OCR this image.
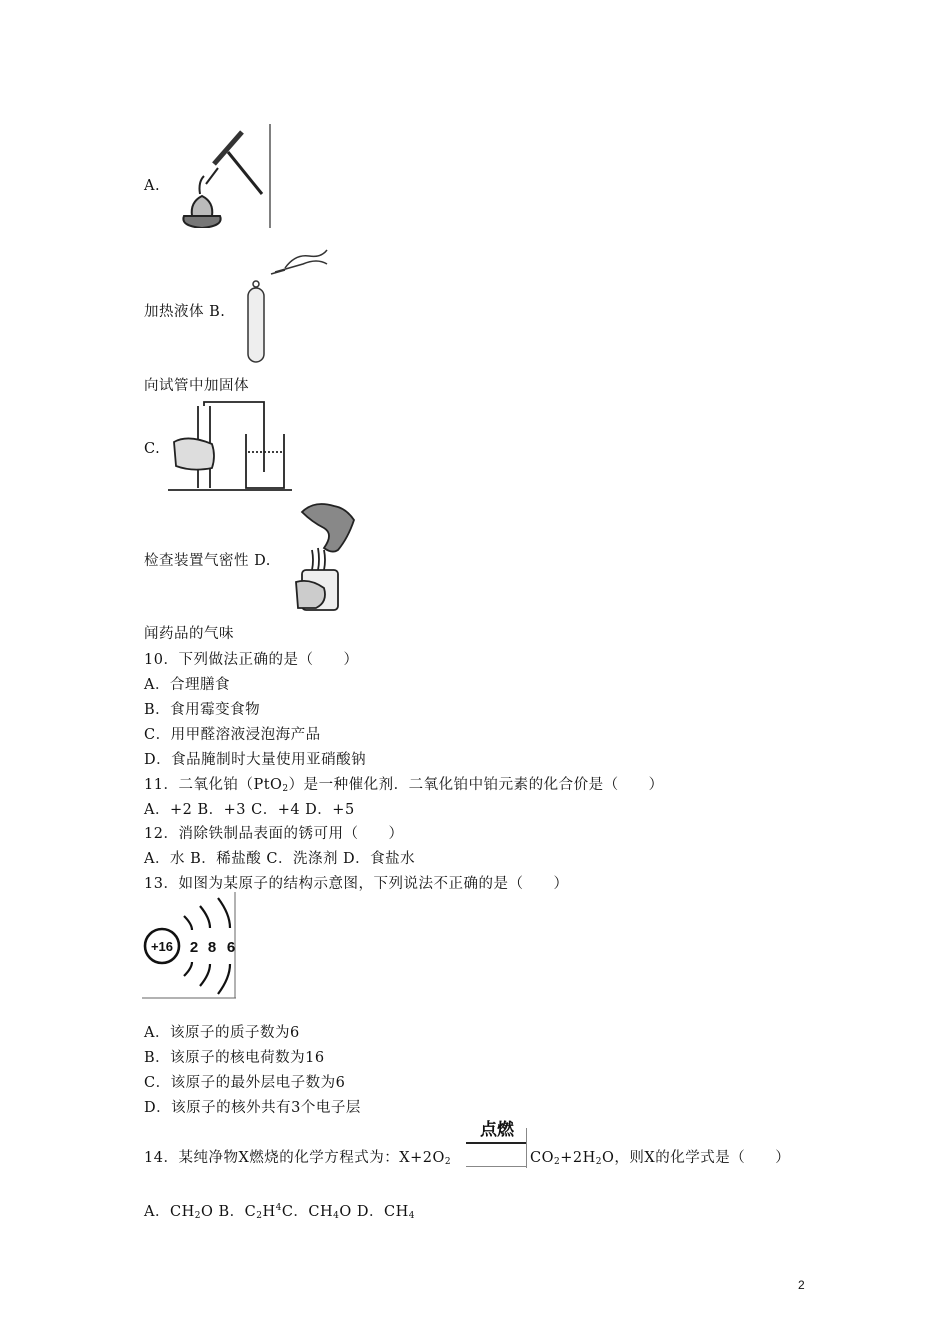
A.
加热液体 B.
向试管中加固体
C.
检查装置气密性 D.
闻药品的气味
10．下列做法正确的是（　　）
A．合理膳食
B．食用霉变食物
C．用甲醛溶液浸泡海产品
D．食品腌制时大量使用亚硝酸钠
11．二氧化铂（PtO$_2$）是一种催化剂．二氧化铂中铂元素的化合价是（　　）
A．+2 B．+3 C．+4 D．+5
12．消除铁制品表面的锈可用（　　）
A．水 B．稀盐酸 C．洗涤剂 D．食盐水
13．如图为某原子的结构示意图，下列说法不正确的是（　　）
+16 2 8 6
A．该原子的质子数为6
B．该原子的核电荷数为16
C．该原子的最外层电子数为6
D．该原子的核外共有3个电子层
点燃
14．某纯净物X燃烧的化学方程式为：$X+2O_2$	$CO_2+2H_2O$，则X的化学式是（　　）
A．$CH_2O$ B．$C_2H^4C$．$CH_4O$ D．$CH_4$
2
